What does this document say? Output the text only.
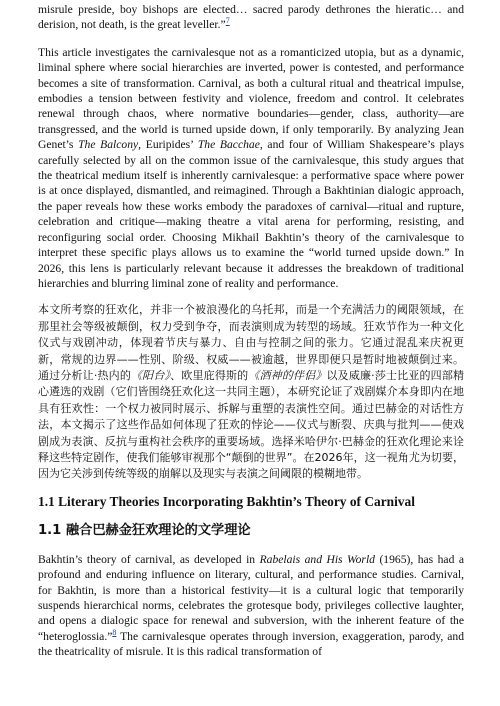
misrule preside, boy bishops are elected… sacred parody dethrones the hieratic… and derision, not death, is the great leveller.”$^7$

This article investigates the carnivalesque not as a romanticized utopia, but as a dynamic, liminal sphere where social hierarchies are inverted, power is contested, and performance becomes a site of transformation. Carnival, as both a cultural ritual and theatrical impulse, embodies a tension between festivity and violence, freedom and control. It celebrates renewal through chaos, where normative boundaries—gender, class, authority—are transgressed, and the world is turned upside down, if only temporarily. By analyzing Jean Genet’s The Balcony, Euripides’ The Bacchae, and four of William Shakespeare’s plays carefully selected by all on the common issue of the carnivalesque, this study argues that the theatrical medium itself is inherently carnivalesque: a performative space where power is at once displayed, dismantled, and reimagined. Through a Bakhtinian dialogic approach, the paper reveals how these works embody the paradoxes of carnival—ritual and rupture, celebration and critique—making theatre a vital arena for performing, resisting, and reconfiguring social order. Choosing Mikhail Bakhtin’s theory of the carnivalesque to interpret these specific plays allows us to examine the “world turned upside down.” In 2026, this lens is particularly relevant because it addresses the breakdown of traditional hierarchies and blurring liminal zone of reality and performance.

本文所考察的狂欢化，并非一个被浪漫化的乌托邦，而是一个充满活力的阈限领域，在那里社会等级被颠倒，权力受到争夺，而表演则成为转型的场域。狂欢节作为一种文化仪式与戏剧冲动，体现着节庆与暴力、自由与控制之间的张力。它通过混乱来庆祝更新，常规的边界——性别、阶级、权威——被逾越，世界即便只是暂时地被颠倒过来。通过分析让·热内的《阳台》、欧里庇得斯的《酒神的伴侣》以及威廉·莎士比亚的四部精心遴选的戏剧（它们皆围绕狂欢化这一共同主题），本研究论证了戏剧媒介本身即内在地具有狂欢性：一个权力被同时展示、拆解与重塑的表演性空间。通过巴赫金的对话性方法，本文揭示了这些作品如何体现了狂欢的悖论——仪式与断裂、庆典与批判——使戏剧成为表演、反抗与重构社会秩序的重要场域。选择米哈伊尔·巴赫金的狂欢化理论来诠释这些特定剧作，使我们能够审视那个“颠倒的世界”。在2026年，这一视角尤为切要，因为它关涉到传统等级的崩解以及现实与表演之间阈限的模糊地带。

1.1 Literary Theories Incorporating Bakhtin’s Theory of Carnival
1.1 融合巴赫金狂欢理论的文学理论

Bakhtin’s theory of carnival, as developed in Rabelais and His World (1965), has had a profound and enduring influence on literary, cultural, and performance studies. Carnival, for Bakhtin, is more than a historical festivity—it is a cultural logic that temporarily suspends hierarchical norms, celebrates the grotesque body, privileges collective laughter, and opens a dialogic space for renewal and subversion, with the inherent feature of the “heteroglossia.”$^8$ The carnivalesque operates through inversion, exaggeration, parody, and the theatricality of misrule. It is this radical transformation of
